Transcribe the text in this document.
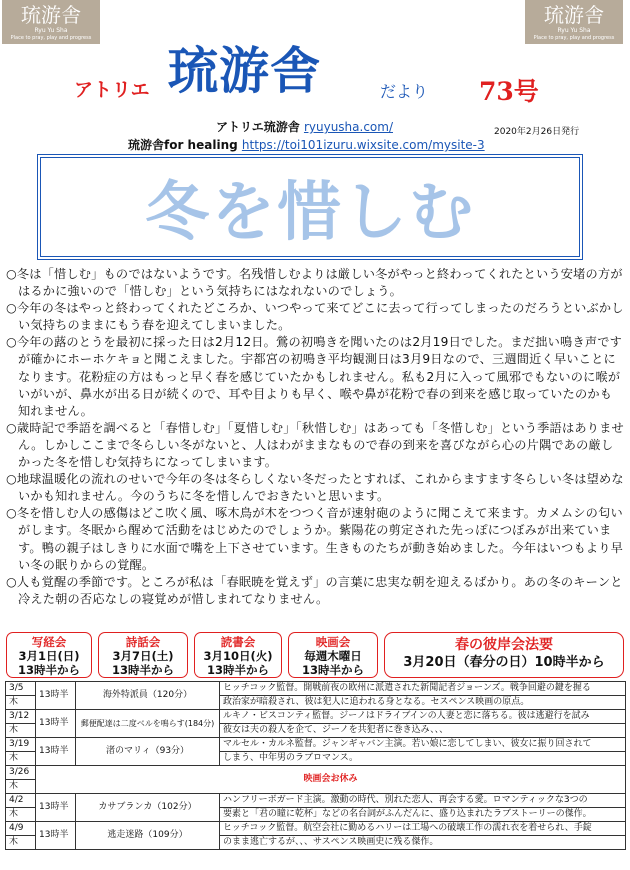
琉游舎
Ryu Yu Sha
Place to pray, play and progress
琉游舎
Ryu Yu Sha
Place to pray, play and progress
アトリエ 琉游舎	だより 73号
アトリエ琉游舎 ryuyusha.com/	2020年2月26日発行
琉游舎for healing https://toi101izuru.wixsite.com/mysite-3
冬を惜しむ

○冬は「惜しむ」ものではないようです。名残惜しむよりは厳しい冬がやっと終わってくれたという安堵の方がはるかに強いので「惜しむ」という気持ちにはなれないのでしょう。

○今年の冬はやっと終わってくれたどころか、いつやって来てどこに去って行ってしまったのだろうといぶかしい気持ちのままにもう春を迎えてしまいました。

○今年の蕗のとうを最初に採った日は2月12日。鶯の初鳴きを聞いたのは2月19日でした。まだ拙い鳴き声ですが確かにホーホケキョと聞こえました。宇都宮の初鳴き平均観測日は3月9日なので、三週間近く早いことになります。花粉症の方はもっと早く春を感じていたかもしれません。私も2月に入って風邪でもないのに喉がいがいが、鼻水が出る日が続くので、耳や目よりも早く、喉や鼻が花粉で春の到来を感じ取っていたのかも知れません。

○歳時記で季語を調べると「春惜しむ」「夏惜しむ」「秋惜しむ」はあっても「冬惜しむ」という季語はありません。しかしここまで冬らしい冬がないと、人はわがままなもので春の到来を喜びながら心の片隅であの厳しかった冬を惜しむ気持ちになってしまいます。

○地球温暖化の流れのせいで今年の冬は冬らしくない冬だったとすれば、これからますます冬らしい冬は望めないかも知れません。今のうちに冬を惜しんでおきたいと思います。

○冬を惜しむ人の感傷はどこ吹く風、啄木鳥が木をつつく音が速射砲のように聞こえて来ます。カメムシの匂いがします。冬眠から醒めて活動をはじめたのでしょうか。紫陽花の剪定された先っぽにつぼみが出来ています。鴨の親子はしきりに水面で嘴を上下させています。生きものたちが動き始めました。今年はいつもより早い冬の眠りからの覚醒。

○人も覚醒の季節です。ところが私は「春眠暁を覚えず」の言葉に忠実な朝を迎えるばかり。あの冬のキーンと冷えた朝の否応なしの寝覚めが惜しまれてなりません。

写経会
3月1日(日)
13時半から
詩話会
3月7日(土)
13時半から
読書会
3月10日(火)
13時半から
映画会
毎週木曜日
13時半から
春の彼岸会法要
3月20日（春分の日）10時半から
3/5	13時半	海外特派員（120分）	ヒッチコック監督。開戦前夜の欧州に派遣された新聞記者ジョーンズ。戦争回避の鍵を握る
木			政治家が暗殺され、彼は犯人に追われる身となる。セスペンス映画の原点。
3/12	13時半	郵便配達は二度ベルを鳴らす(184分)	ルキノ・ビスコンティ監督。ジーノはドライブインの人妻と恋に落ちる。彼は逃避行を試み
木			彼女は夫の殺人を企て、ジーノを共犯者に巻き込み、、、
3/19	13時半	渚のマリィ（93分）	マルセル・カルネ監督。ジャンギャバン主演。若い娘に恋してしまい、彼女に振り回されて
木			しまう、中年男のラブロマンス。
3/26	映画会お休み		
木			
4/2	13時半	カサブランカ（102分）	ハンフリーボガード主演。激動の時代、別れた恋人、再会する愛。ロマンティックな3つの
木			要素と「君の瞳に乾杯」などの名台詞がふんだんに、盛り込まれたラブストーリーの傑作。
4/9	13時半	逃走迷路（109分）	ヒッチコック監督。航空会社に勤めるハリーは工場への破壊工作の濡れ衣を着せられ、手錠
木			のまま逃亡するが、、、サスペンス映画史に残る傑作。
